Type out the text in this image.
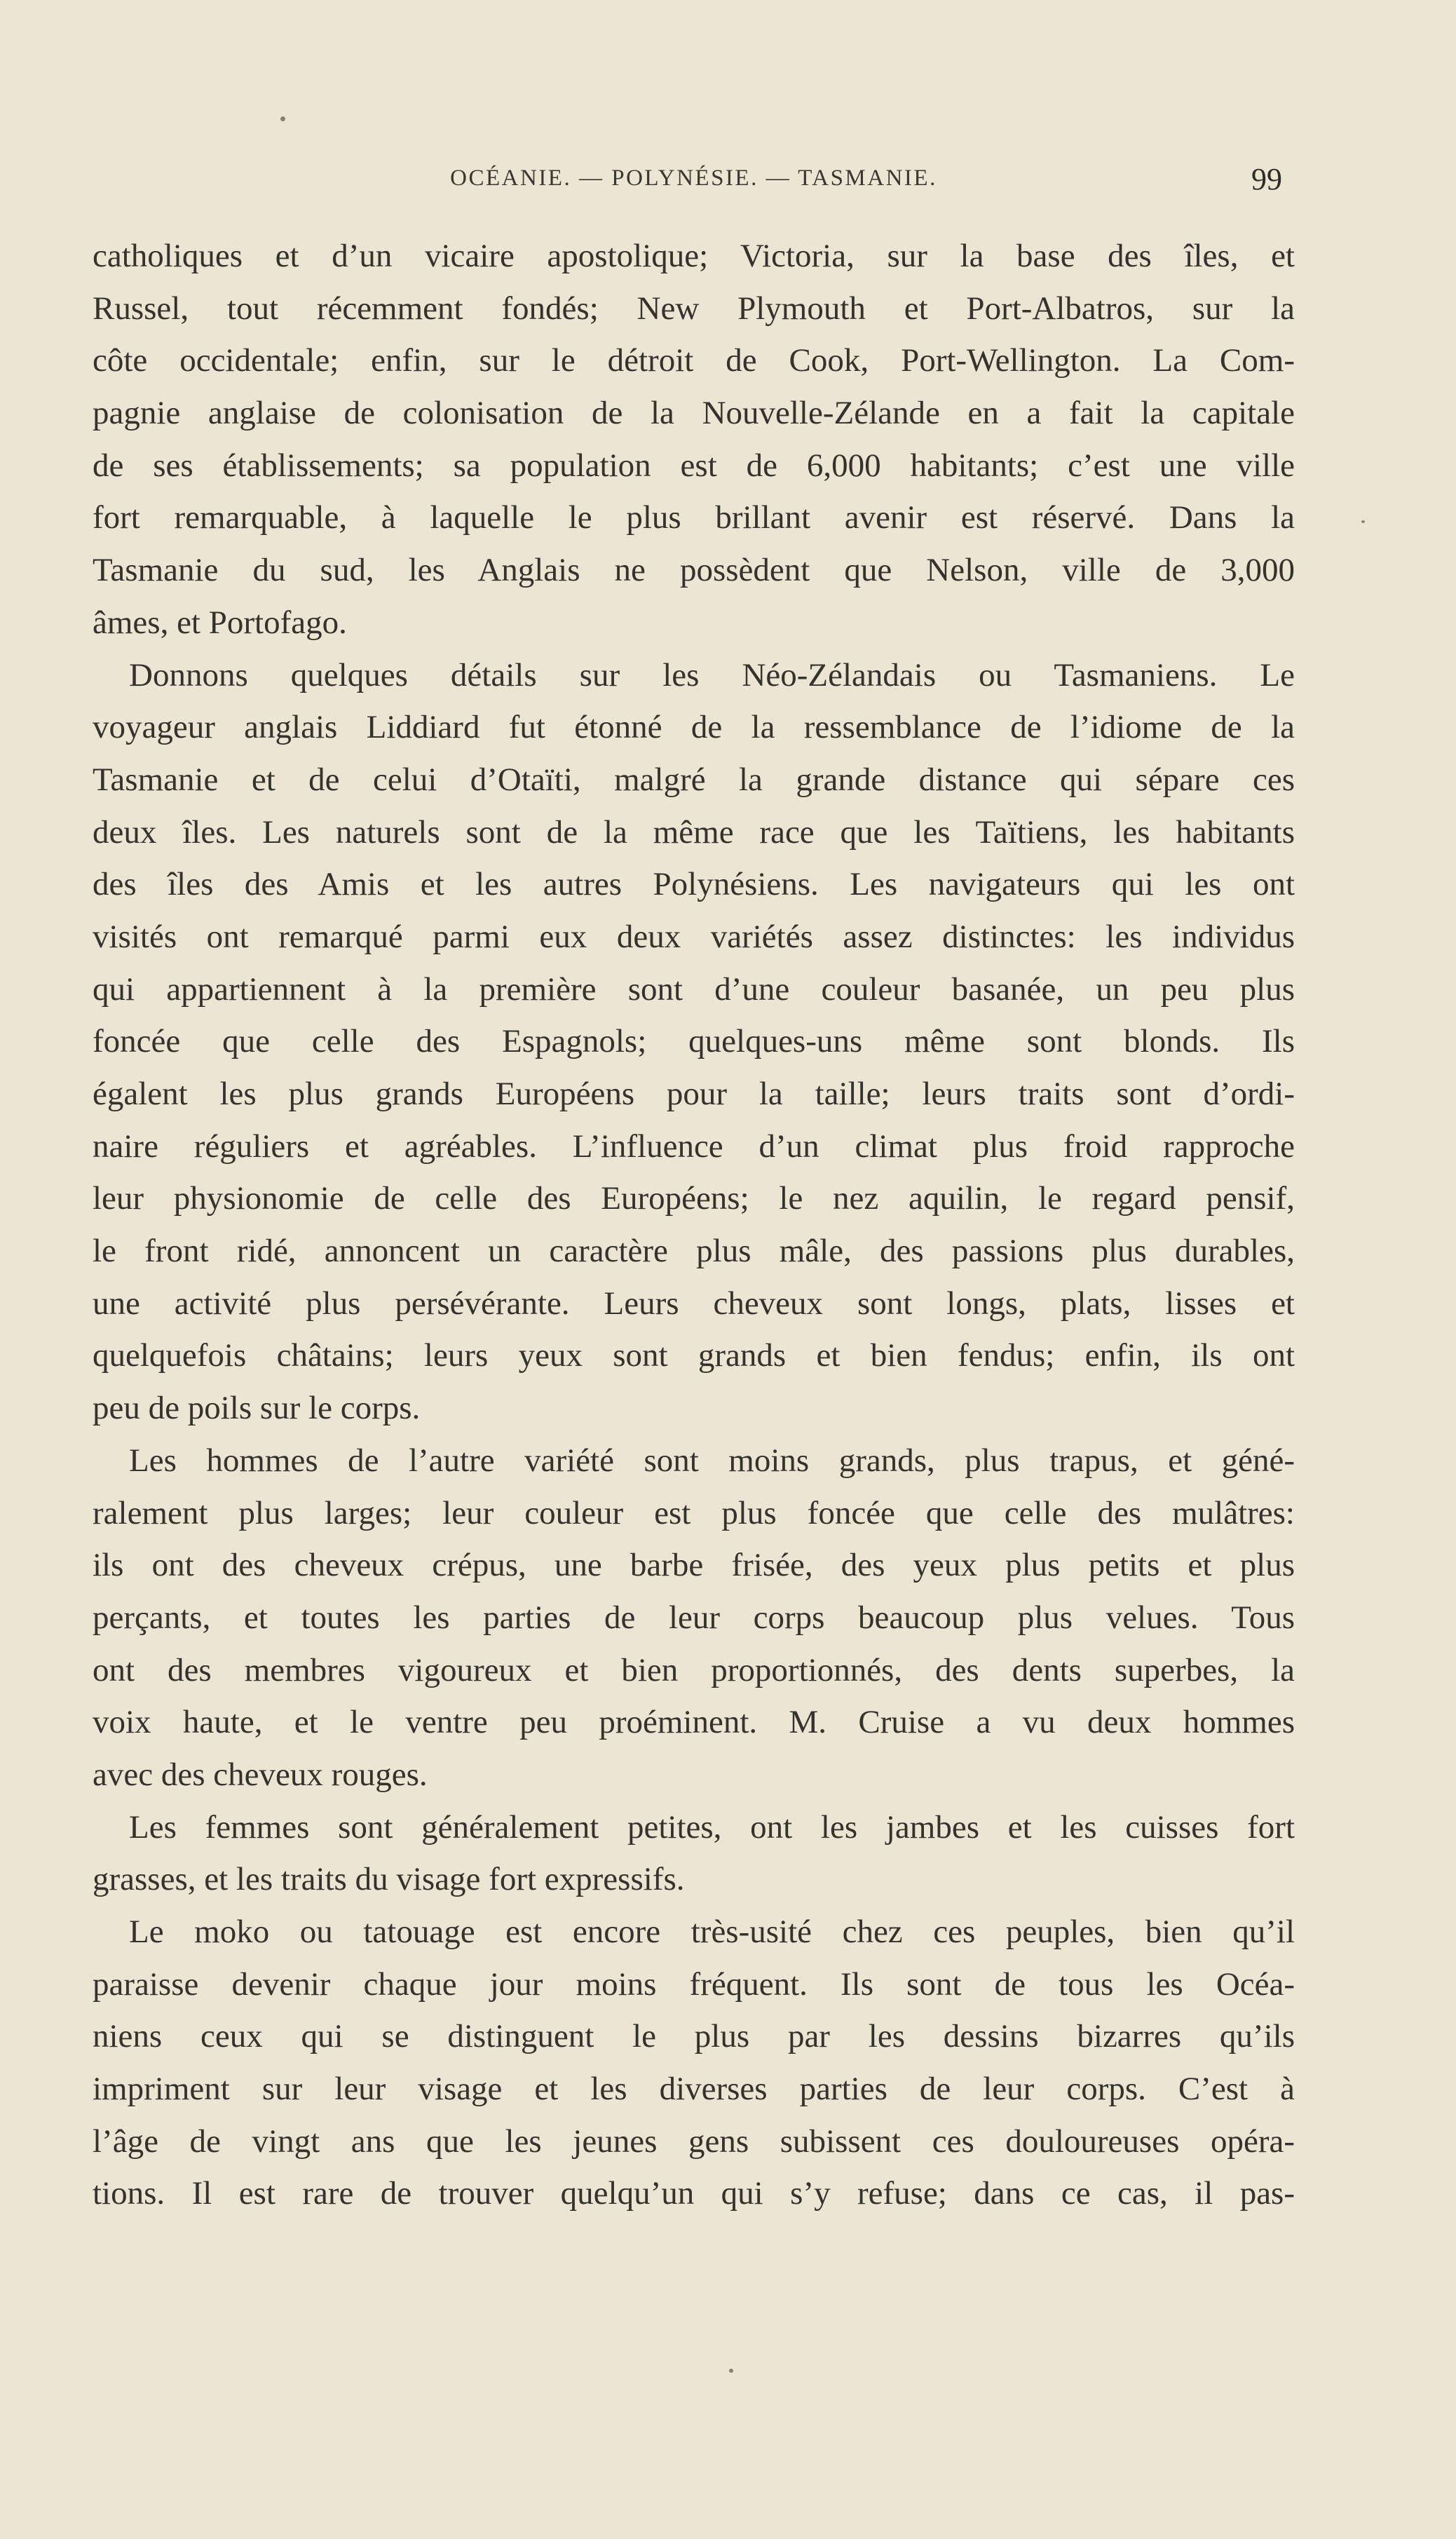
OCÉANIE. — POLYNÉSIE. — TASMANIE.	99
catholiques et d’un vicaire apostolique; Victoria, sur la base des îles, et
Russel, tout récemment fondés; New Plymouth et Port-Albatros, sur la
côte occidentale; enfin, sur le détroit de Cook, Port-Wellington. La Com-
pagnie anglaise de colonisation de la Nouvelle-Zélande en a fait la capitale
de ses établissements; sa population est de 6,000 habitants; c’est une ville
fort remarquable, à laquelle le plus brillant avenir est réservé. Dans la
Tasmanie du sud, les Anglais ne possèdent que Nelson, ville de 3,000
âmes, et Portofago.
Donnons quelques détails sur les Néo-Zélandais ou Tasmaniens. Le
voyageur anglais Liddiard fut étonné de la ressemblance de l’idiome de la
Tasmanie et de celui d’Otaïti, malgré la grande distance qui sépare ces
deux îles. Les naturels sont de la même race que les Taïtiens, les habitants
des îles des Amis et les autres Polynésiens. Les navigateurs qui les ont
visités ont remarqué parmi eux deux variétés assez distinctes: les individus
qui appartiennent à la première sont d’une couleur basanée, un peu plus
foncée que celle des Espagnols; quelques-uns même sont blonds. Ils
égalent les plus grands Européens pour la taille; leurs traits sont d’ordi-
naire réguliers et agréables. L’influence d’un climat plus froid rapproche
leur physionomie de celle des Européens; le nez aquilin, le regard pensif,
le front ridé, annoncent un caractère plus mâle, des passions plus durables,
une activité plus persévérante. Leurs cheveux sont longs, plats, lisses et
quelquefois châtains; leurs yeux sont grands et bien fendus; enfin, ils ont
peu de poils sur le corps.
Les hommes de l’autre variété sont moins grands, plus trapus, et géné-
ralement plus larges; leur couleur est plus foncée que celle des mulâtres:
ils ont des cheveux crépus, une barbe frisée, des yeux plus petits et plus
perçants, et toutes les parties de leur corps beaucoup plus velues. Tous
ont des membres vigoureux et bien proportionnés, des dents superbes, la
voix haute, et le ventre peu proéminent. M. Cruise a vu deux hommes
avec des cheveux rouges.
Les femmes sont généralement petites, ont les jambes et les cuisses fort
grasses, et les traits du visage fort expressifs.
Le moko ou tatouage est encore très-usité chez ces peuples, bien qu’il
paraisse devenir chaque jour moins fréquent. Ils sont de tous les Océa-
niens ceux qui se distinguent le plus par les dessins bizarres qu’ils
impriment sur leur visage et les diverses parties de leur corps. C’est à
l’âge de vingt ans que les jeunes gens subissent ces douloureuses opéra-
tions. Il est rare de trouver quelqu’un qui s’y refuse; dans ce cas, il pas-
